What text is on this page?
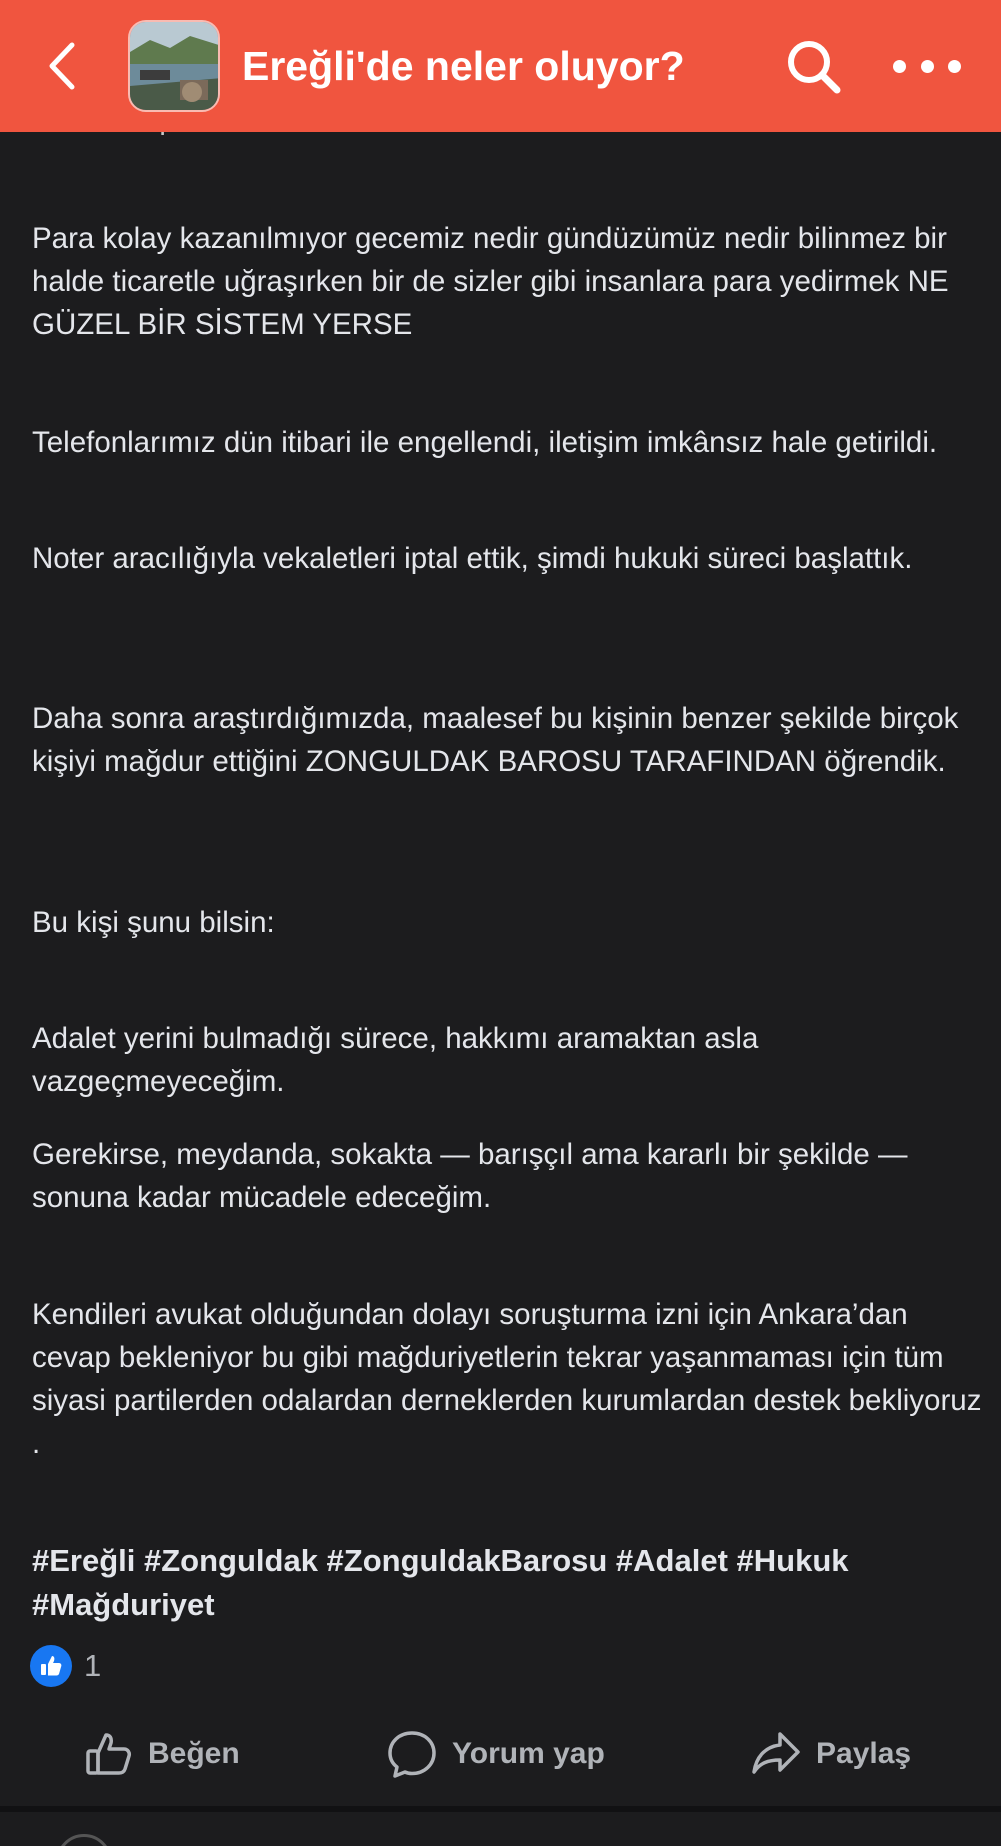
Ereğli'de neler oluyor?

Para kolay kazanılmıyor gecemiz nedir gündüzümüz nedir bilinmez bir halde ticaretle uğraşırken bir de sizler gibi insanlara para yedirmek NE GÜZEL BİR SİSTEM YERSE

Telefonlarımız dün itibari ile engellendi, iletişim imkânsız hale getirildi.

Noter aracılığıyla vekaletleri iptal ettik, şimdi hukuki süreci başlattık.

Daha sonra araştırdığımızda, maalesef bu kişinin benzer şekilde birçok kişiyi mağdur ettiğini ZONGULDAK BAROSU TARAFINDAN öğrendik.

Bu kişi şunu bilsin:

Adalet yerini bulmadığı sürece, hakkımı aramaktan asla vazgeçmeyeceğim.

Gerekirse, meydanda, sokakta — barışçıl ama kararlı bir şekilde — sonuna kadar mücadele edeceğim.

Kendileri avukat olduğundan dolayı soruşturma izni için Ankara’dan cevap bekleniyor bu gibi mağduriyetlerin tekrar yaşanmaması için tüm siyasi partilerden odalardan derneklerden kurumlardan destek bekliyoruz .

#Ereğli #Zonguldak #ZonguldakBarosu #Adalet #Hukuk #Mağduriyet
1
Beğen	Yorum yap	Paylaş
